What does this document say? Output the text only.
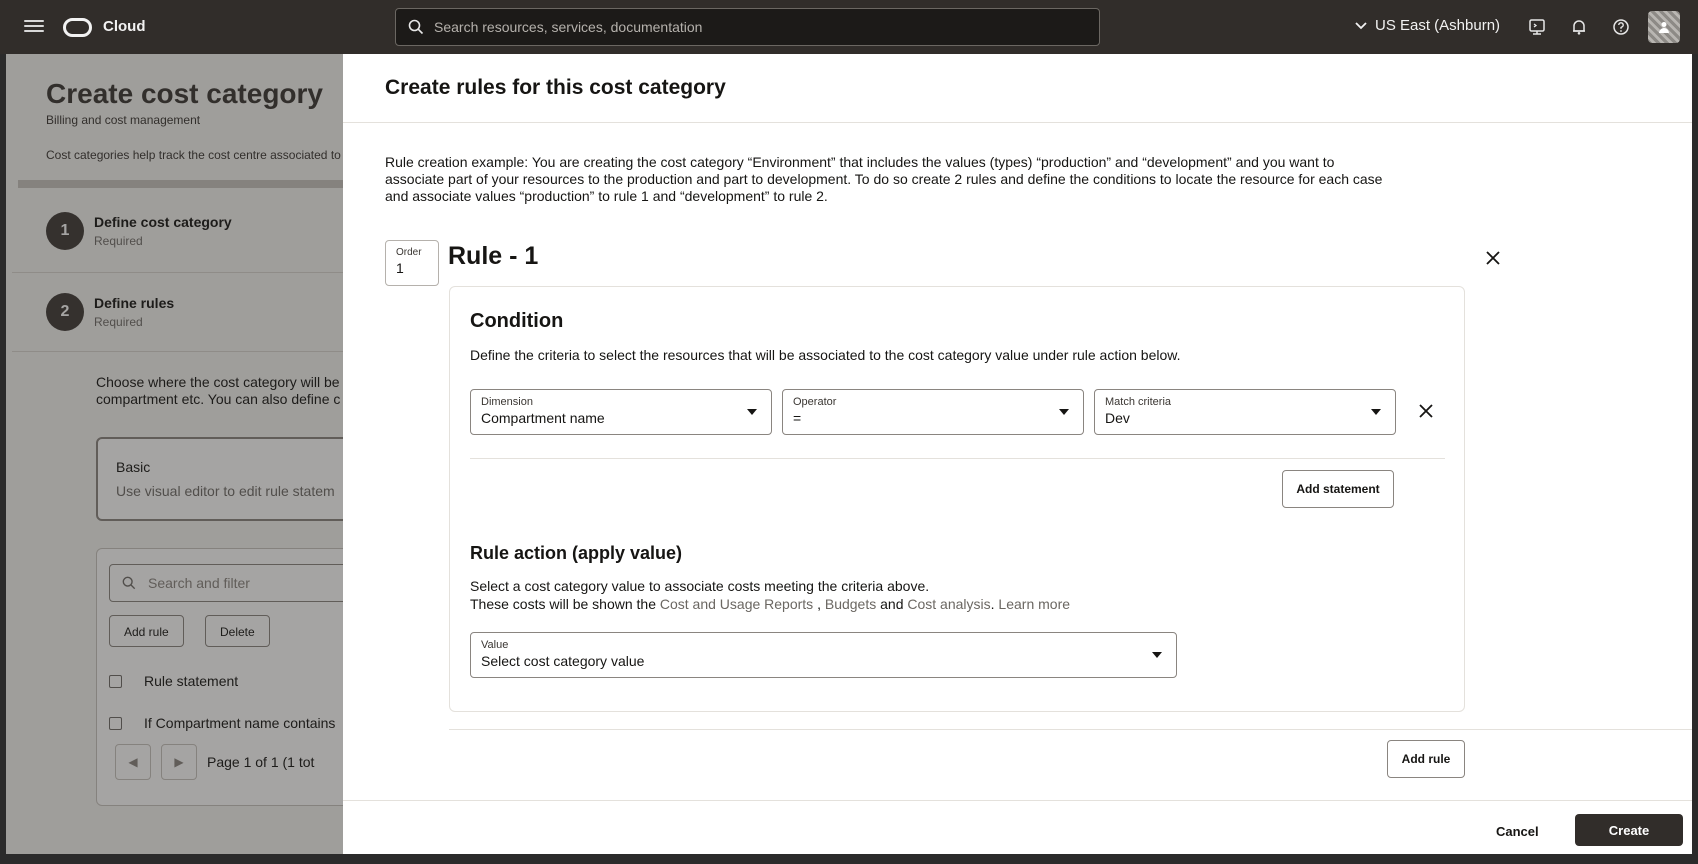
Cloud
Search resources, services, documentation	US East (Ashburn)
Create cost category
Billing and cost management
Cost categories help track the cost centre associated to
1	Define cost category
Required
2	Define rules
Required
Choose where the cost category will be
compartment etc. You can also define c
Basic
Use visual editor to edit rule statem
Search and filter
Add rule	Delete
Rule statement
If Compartment name contains
◀	▶ Page 1 of 1 (1 tot
Create rules for this cost category
Rule creation example: You are creating the cost category “Environment” that includes the values (types) “production” and “development” and you want to associate part of your resources to the production and part to development. To do so create 2 rules and define the conditions to locate the resource for each case and associate values “production” to rule 1 and “development” to rule 2.
Order
1	Rule - 1
Condition
Define the criteria to select the resources that will be associated to the cost category value under rule action below.
Dimension
Compartment name
Operator
=
Match criteria
Dev
Add statement
Rule action (apply value)
Select a cost category value to associate costs meeting the criteria above.
These costs will be shown the Cost and Usage Reports , Budgets and Cost analysis. Learn more
Value
Select cost category value
Add rule
Cancel	Create
